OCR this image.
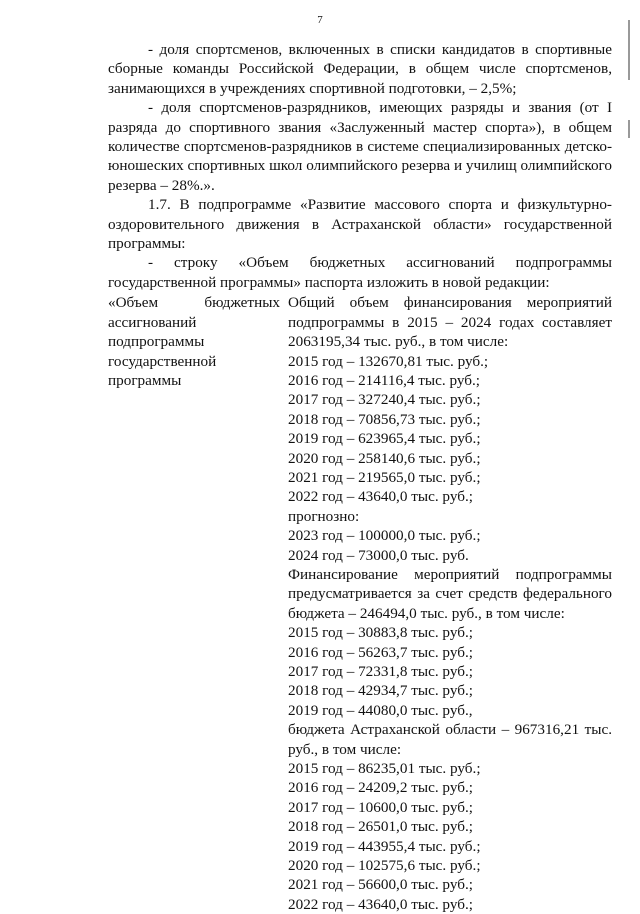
7

- доля спортсменов, включенных в списки кандидатов в спортивные сборные команды Российской Федерации, в общем числе спортсменов, занимающихся в учреждениях спортивной подготовки, – 2,5%;

- доля спортсменов-разрядников, имеющих разряды и звания (от I разряда до спортивного звания «Заслуженный мастер спорта»), в общем количестве спортсменов-разрядников в системе специализированных детско-юношеских спортивных школ олимпийского резерва и училищ олимпийского резерва – 28%.».

1.7. В подпрограмме «Развитие массового спорта и физкультурно-оздоровительного движения в Астраханской области» государственной программы:

- строку «Объем бюджетных ассигнований подпрограммы государственной программы» паспорта изложить в новой редакции:

«Объем бюджетных ассигнований подпрограммы государственной программы
Общий объем финансирования мероприятий подпрограммы в 2015 – 2024 годах составляет 2063195,34 тыс. руб., в том числе:
2015 год – 132670,81 тыс. руб.;
2016 год – 214116,4 тыс. руб.;
2017 год – 327240,4 тыс. руб.;
2018 год – 70856,73 тыс. руб.;
2019 год – 623965,4 тыс. руб.;
2020 год – 258140,6 тыс. руб.;
2021 год – 219565,0 тыс. руб.;
2022 год – 43640,0 тыс. руб.;
прогнозно:
2023 год – 100000,0 тыс. руб.;
2024 год – 73000,0 тыс. руб.
Финансирование мероприятий подпрограммы предусматривается за счет средств федерального бюджета – 246494,0 тыс. руб., в том числе:
2015 год – 30883,8 тыс. руб.;
2016 год – 56263,7 тыс. руб.;
2017 год – 72331,8 тыс. руб.;
2018 год – 42934,7 тыс. руб.;
2019 год – 44080,0 тыс. руб.,
бюджета Астраханской области – 967316,21 тыс. руб., в том числе:
2015 год – 86235,01 тыс. руб.;
2016 год – 24209,2 тыс. руб.;
2017 год – 10600,0 тыс. руб.;
2018 год – 26501,0 тыс. руб.;
2019 год – 443955,4 тыс. руб.;
2020 год – 102575,6 тыс. руб.;
2021 год – 56600,0 тыс. руб.;
2022 год – 43640,0 тыс. руб.;
